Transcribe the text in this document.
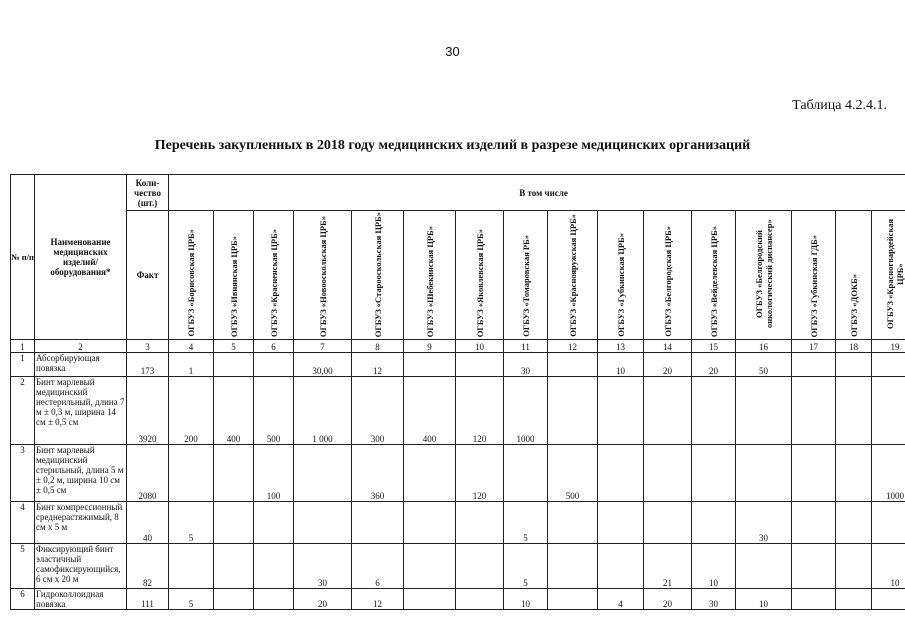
30
Таблица 4.2.4.1.
Перечень закупленных в 2018 году медицинских изделий в разрезе медицинских организаций
№ п/п	Наименование медицинских изделий/ оборудования*	Коли-чество (шт.)	В том числе															
		Факт	ОГБУЗ «Борисовская ЦРБ»	ОГБУЗ «Ивнянская ЦРБ»	ОГБУЗ «Красненская ЦРБ»	ОГБУЗ «Новооскольская ЦРБ»	ОГБУЗ «Старооскольская ЦРБ»	ОГБУЗ «Шебекинская ЦРБ»	ОГБУЗ «Яковлевская ЦРБ»	ОГБУЗ «Томаровская РБ»	ОГБУЗ «Краснояружская ЦРБ»	ОГБУЗ «Губкинская ЦРБ»	ОГБУЗ «Белгородская ЦРБ»	ОГБУЗ «Вейделевская ЦРБ»	ОГБУЗ «Белгородский онкологический диспансер»	ОГБУЗ «Губкинская ГДБ»	ОГБУЗ «ДОКБ»	ОГБУЗ «Красногвардейская ЦРБ»
1	2	3	4	5	6	7	8	9	10	11	12	13	14	15	16	17	18	19
1	Абсорбирующая повязка	173	1			30,00	12			30		10	20	20	50			
2	Бинт марлевый медицинский нестерильный, длина 7 м ± 0,3 м, ширина 14 см ± 0,5 см	3920	200	400	500	1 000	300	400	120	1000								
3	Бинт марлевый медицинский стерильный, длина 5 м ± 0,2 м, ширина 10 см ± 0,5 см	2080			100		360		120		500							1000
4	Бинт компрессионный среднерастяжимый, 8 см х 5 м	40	5							5					30			
5	Фиксирующий бинт эластичный самофиксирующийся, 6 см х 20 м	82				30	6			5			21	10				10
6	Гидроколлоидная повязка	111	5			20	12			10		4	20	30	10			
